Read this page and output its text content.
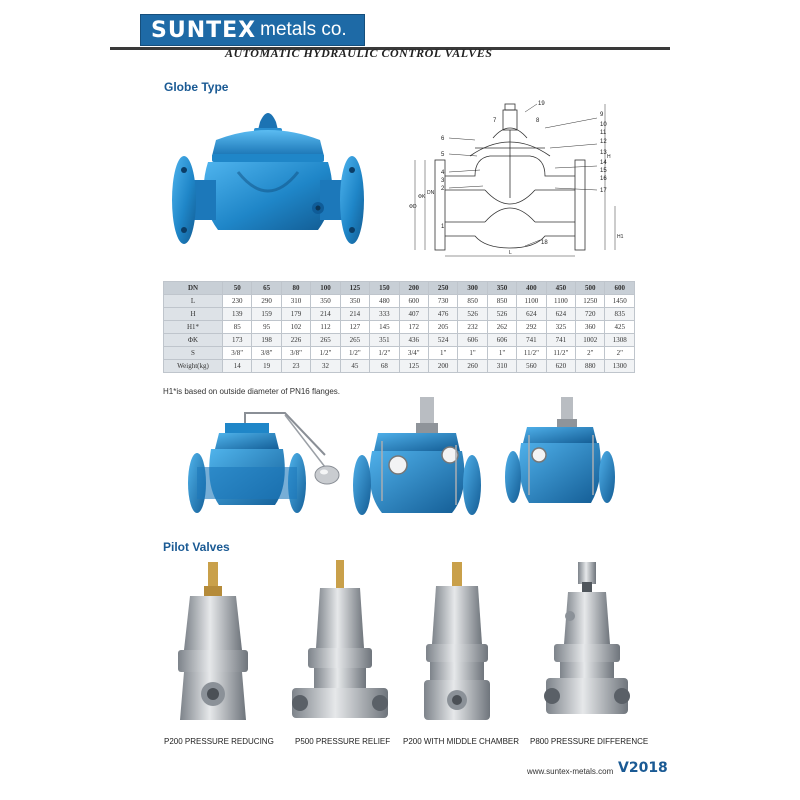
SUNTEX metals co.
AUTOMATIC HYDRAULIC CONTROL VALVES
Globe Type
19
9
7	8
10
11
6	12
5	13
4
14
15
3	16
2	17
1
18
ΦD
ΦK
DN
L
H
H1
DN	50	65	80	100	125	150	200	250	300	350	400	450	500	600
L	230	290	310	350	350	480	600	730	850	850	1100	1100	1250	1450
H	139	159	179	214	214	333	407	476	526	526	624	624	720	835
H1*	85	95	102	112	127	145	172	205	232	262	292	325	360	425
ΦK	173	198	226	265	265	351	436	524	606	606	741	741	1002	1308
S	3/8"	3/8"	3/8"	1/2"	1/2"	1/2"	3/4"	1"	1"	1"	11/2"	11/2"	2"	2"
Weight(kg)	14	19	23	32	45	68	125	200	260	310	560	620	880	1300
H1*is based on outside diameter of PN16 flanges.
Pilot Valves
P200 PRESSURE REDUCING	P500 PRESSURE RELIEF P200 WITH MIDDLE CHAMBER P800 PRESSURE DIFFERENCE
www.suntex-metals.com V2018
